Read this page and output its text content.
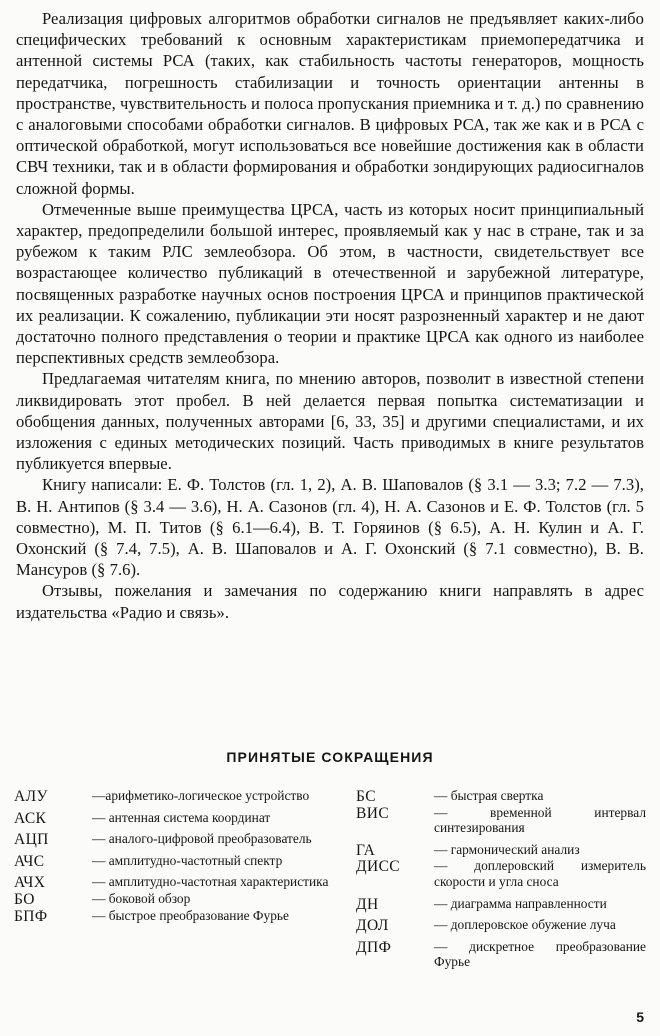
Реализация цифровых алгоритмов обработки сигналов не предъявляет каких-либо специфических требований к основным характеристикам приемопередатчика и антенной системы РСА (таких, как стабильность частоты генераторов, мощность передатчика, погрешность стабилизации и точность ориентации антенны в пространстве, чувствительность и полоса пропускания приемника и т. д.) по сравнению с аналоговыми способами обработки сигналов. В цифровых РСА, так же как и в РСА с оптической обработкой, могут использоваться все новейшие достижения как в области СВЧ техники, так и в области формирования и обработки зондирующих радиосигналов сложной формы.

Отмеченные выше преимущества ЦРСА, часть из которых носит принципиальный характер, предопределили большой интерес, проявляемый как у нас в стране, так и за рубежом к таким РЛС землеобзора. Об этом, в частности, свидетельствует все возрастающее количество публикаций в отечественной и зарубежной литературе, посвященных разработке научных основ построения ЦРСА и принципов практической их реализации. К сожалению, публикации эти носят разрозненный характер и не дают достаточно полного представления о теории и практике ЦРСА как одного из наиболее перспективных средств землеобзора.

Предлагаемая читателям книга, по мнению авторов, позволит в известной степени ликвидировать этот пробел. В ней делается первая попытка систематизации и обобщения данных, полученных авторами [6, 33, 35] и другими специалистами, и их изложения с единых методических позиций. Часть приводимых в книге результатов публикуется впервые.

Книгу написали: Е. Ф. Толстов (гл. 1, 2), А. В. Шаповалов (§ 3.1 — 3.3; 7.2 — 7.3), В. Н. Антипов (§ 3.4 — 3.6), Н. А. Сазонов (гл. 4), Н. А. Сазонов и Е. Ф. Толстов (гл. 5 совместно), М. П. Титов (§ 6.1—6.4), В. Т. Горяинов (§ 6.5), А. Н. Кулин и А. Г. Охонский (§ 7.4, 7.5), А. В. Шаповалов и А. Г. Охонский (§ 7.1 совместно), В. В. Мансуров (§ 7.6).

Отзывы, пожелания и замечания по содержанию книги направлять в адрес издательства «Радио и связь».

ПРИНЯТЫЕ СОКРАЩЕНИЯ
АЛУ	—арифметико-логическое устройство
АСК	— антенная система координат
АЦП	— аналого-цифровой преобразователь
АЧС	— амплитудно-частотный спектр
АЧХ	— амплитудно-частотная характеристика
БО	— боковой обзор
БПФ	— быстрое преобразование Фурье
БС	— быстрая свертка
ВИС	— временной интервал синтезирования
ГА	— гармонический анализ
ДИСС	— доплеровский измеритель скорости и угла сноса
ДН	— диаграмма направленности
ДОЛ	— доплеровское обужение луча
ДПФ	— дискретное преобразование Фурье
5
